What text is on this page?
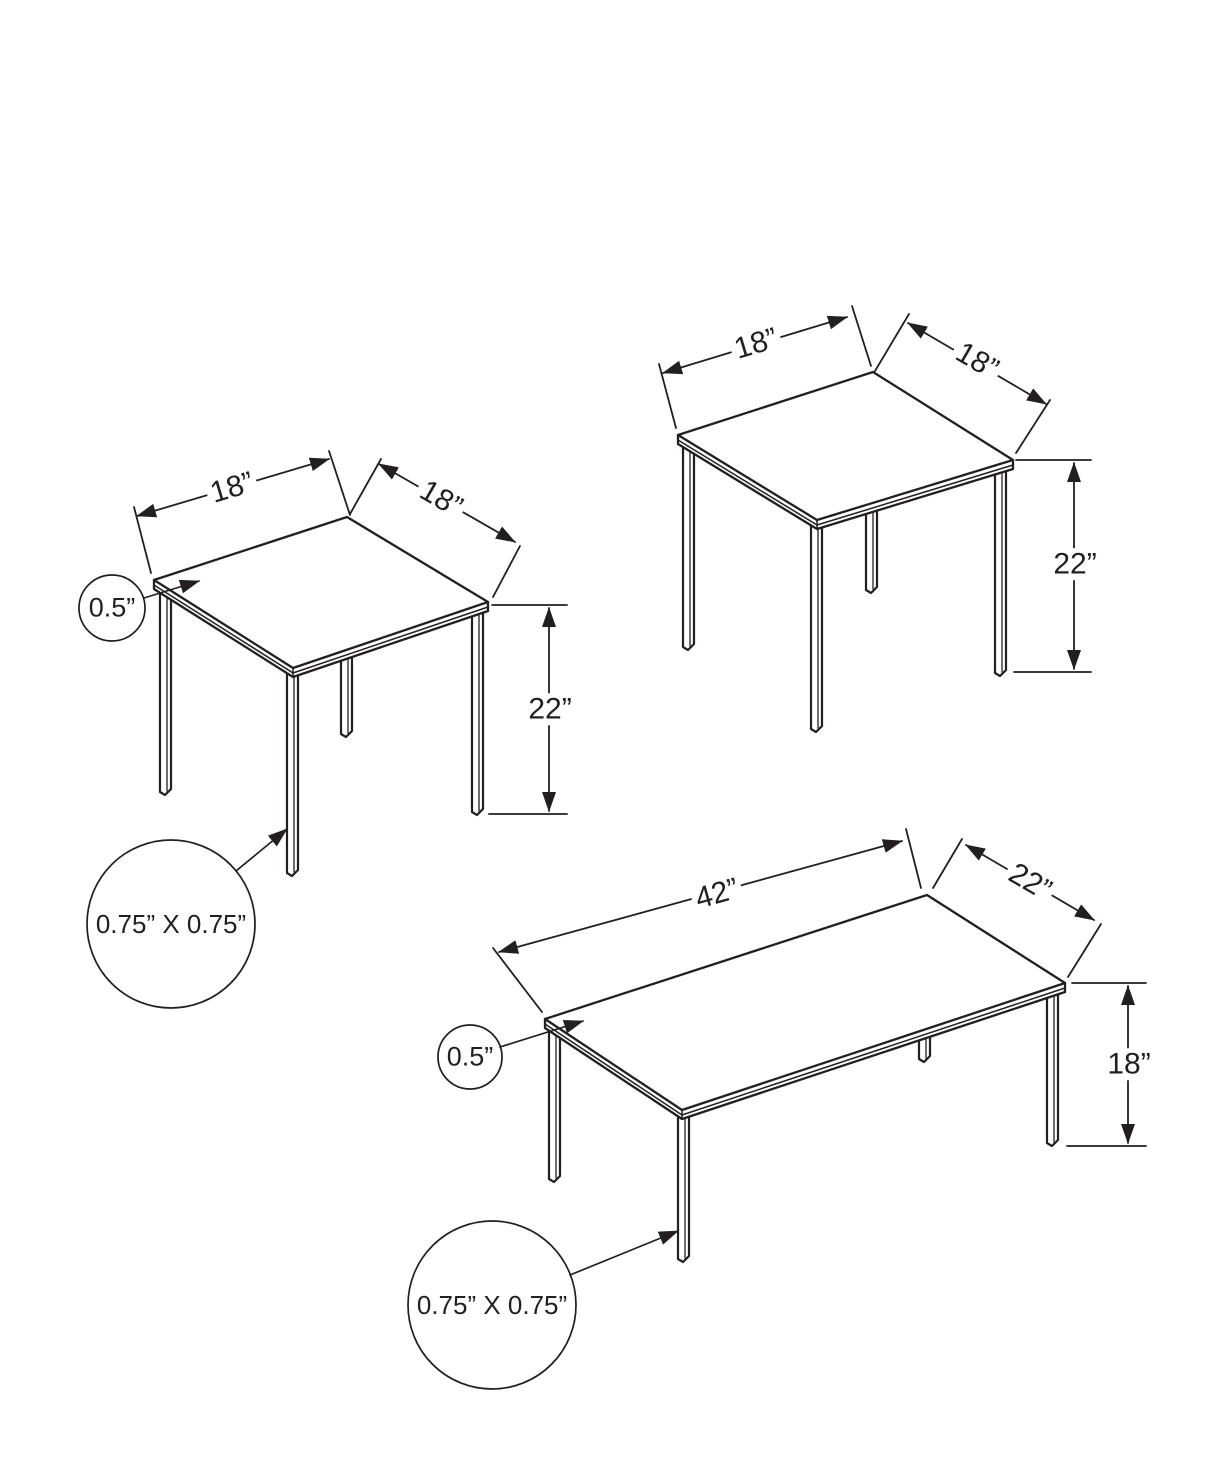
18”	18”
22”
18”	18”
22”
42”	22”
18”
0.5”
0.75” X 0.75”
0.5”
0.75” X 0.75”
